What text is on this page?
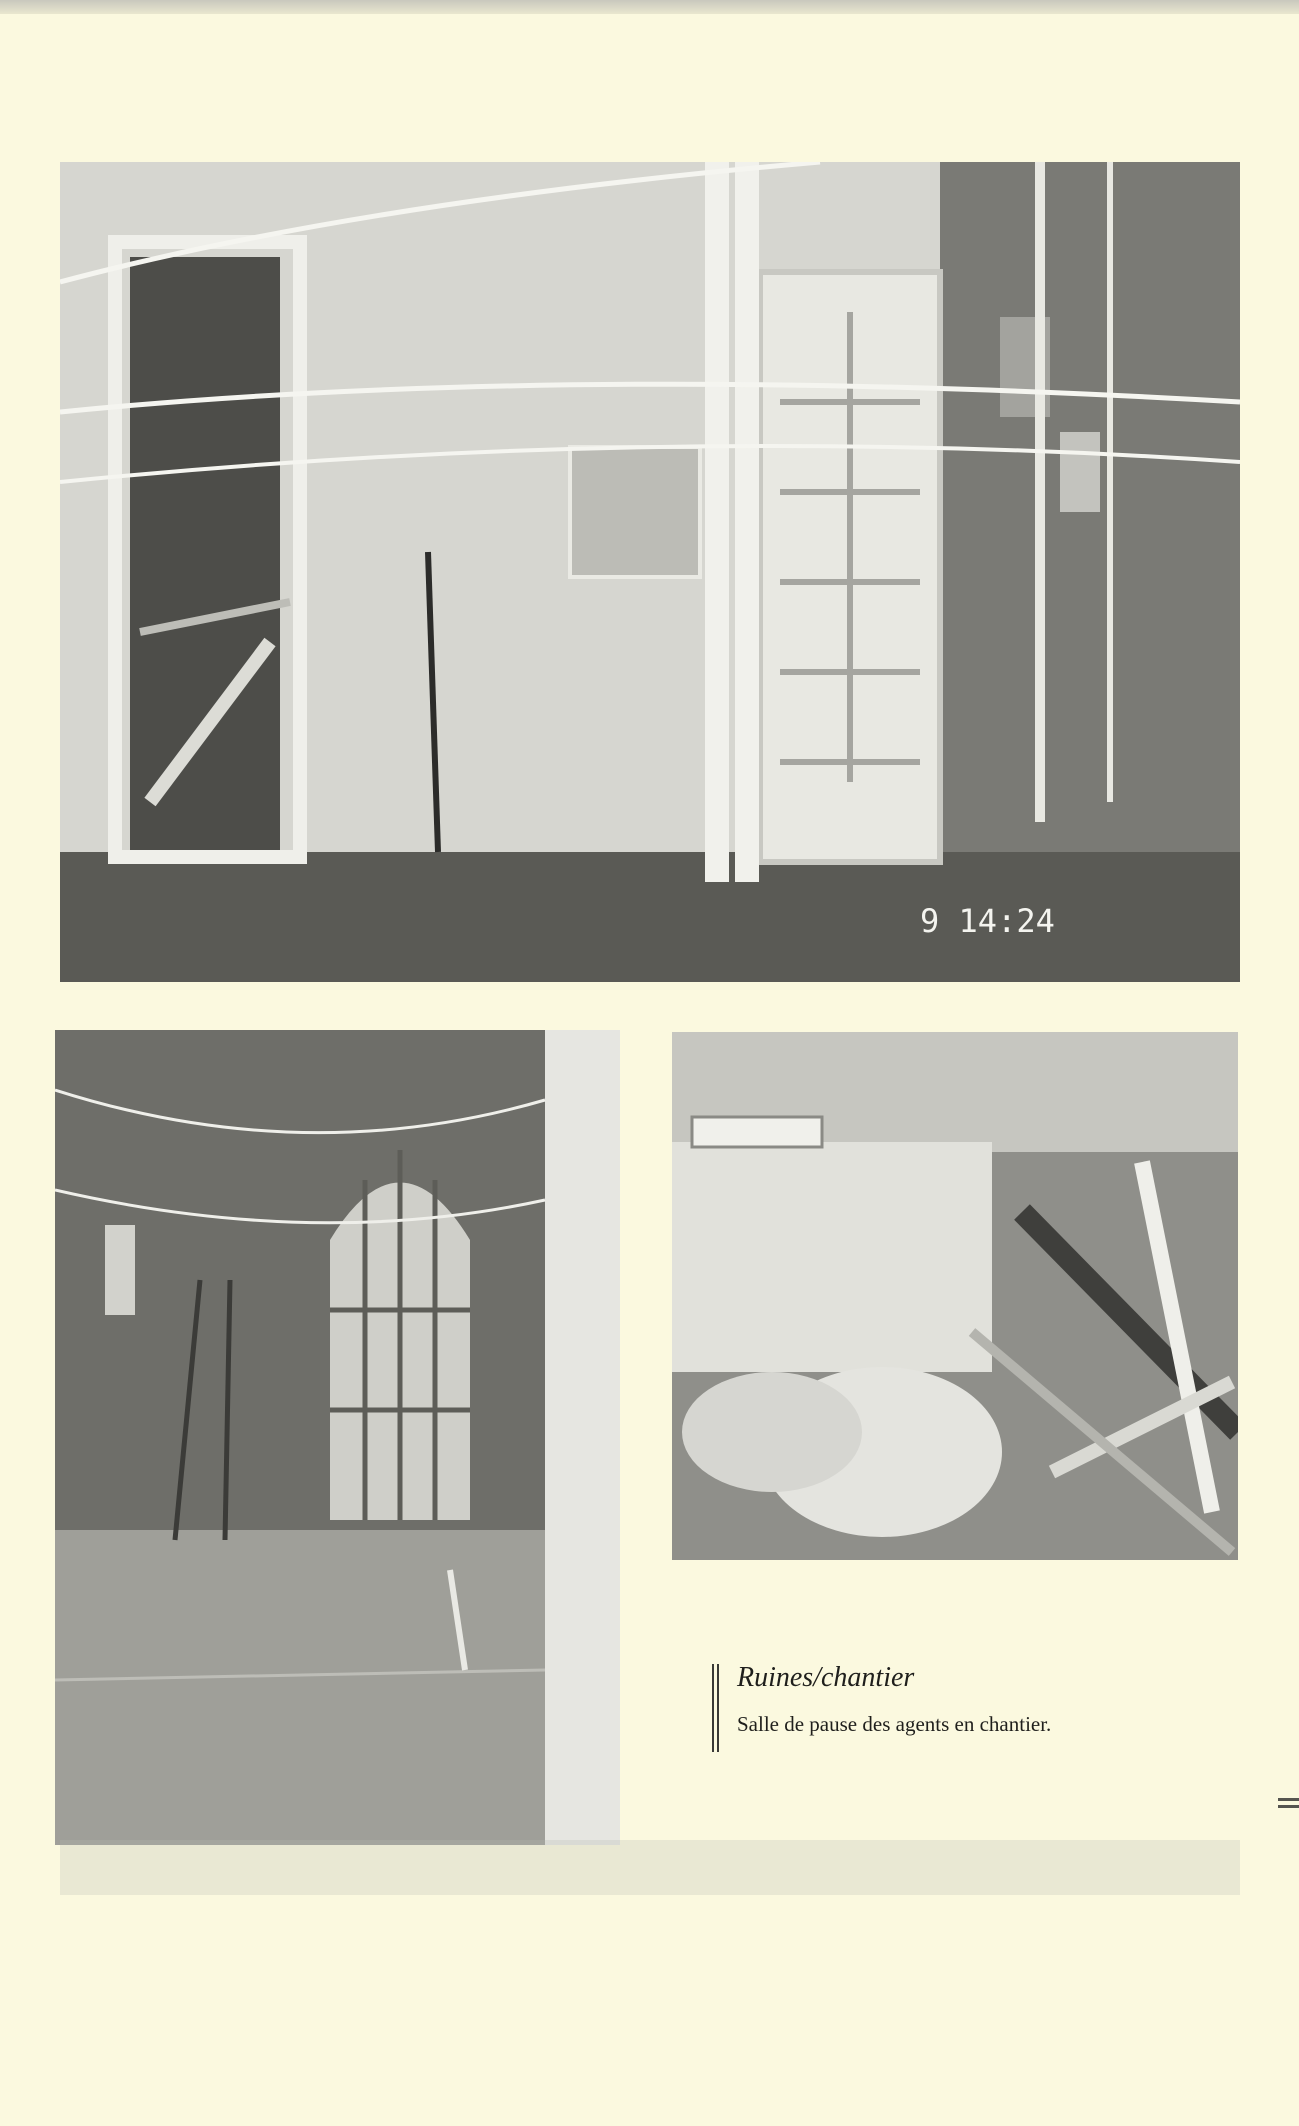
9 14:24
Ruines/chantier
Salle de pause des agents en chantier.
